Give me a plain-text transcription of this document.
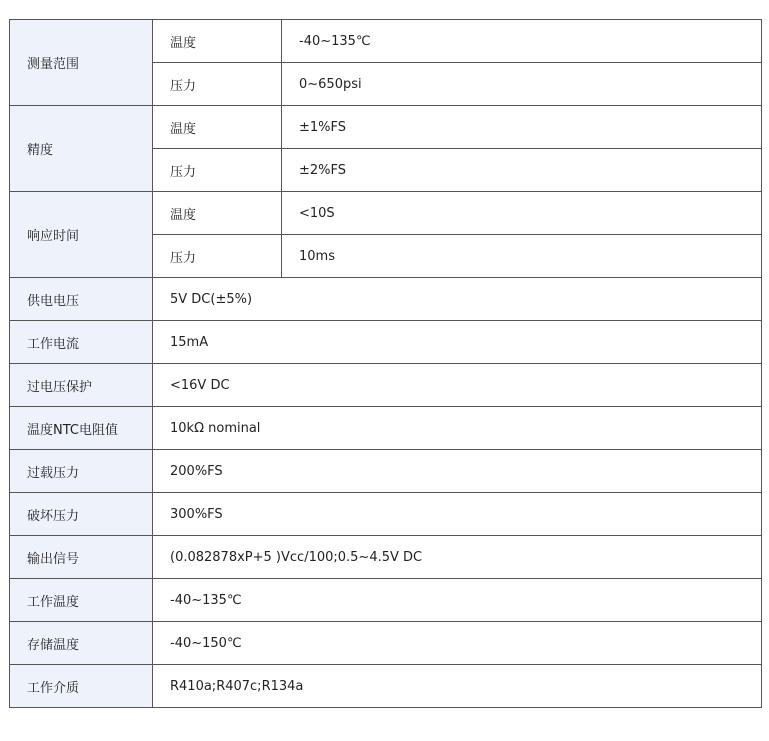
测量范围	温度	-40~135℃
	压力	0~650psi
精度	温度	±1%FS
	压力	±2%FS
响应时间	温度	<10S
	压力	10ms
供电电压	5V DC(±5%)	
工作电流	15mA	
过电压保护	<16V DC	
温度NTC电阻值	10kΩ nominal	
过载压力	200%FS	
破坏压力	300%FS	
输出信号	(0.082878xP+5 )Vcc/100;0.5~4.5V DC	
工作温度	-40~135℃	
存储温度	-40~150℃	
工作介质	R410a;R407c;R134a	
